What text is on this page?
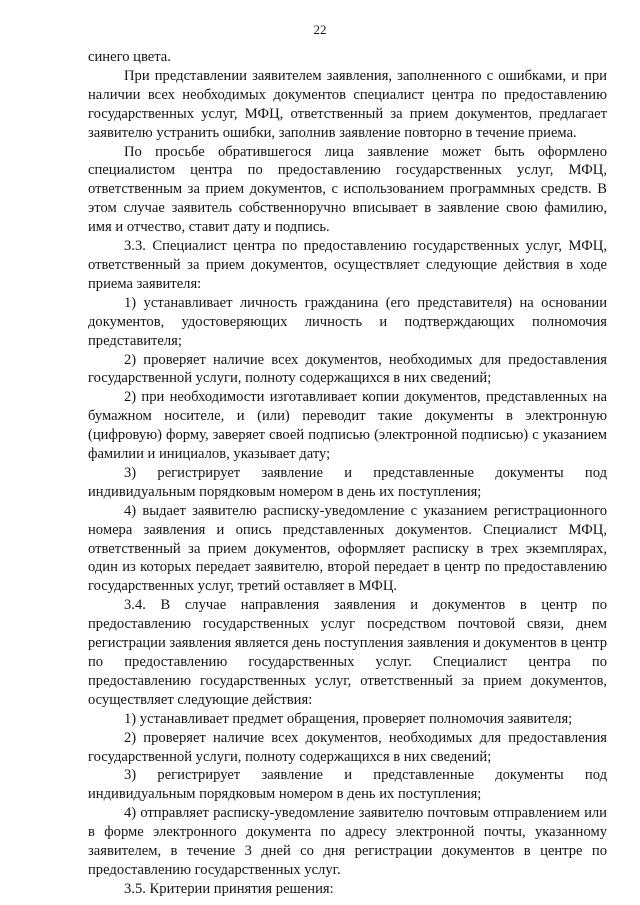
22

синего цвета.

При представлении заявителем заявления, заполненного с ошибками, и при наличии всех необходимых документов специалист центра по предоставлению государственных услуг, МФЦ, ответственный за прием документов, предлагает заявителю устранить ошибки, заполнив заявление повторно в течение приема.

По просьбе обратившегося лица заявление может быть оформлено специалистом центра по предоставлению государственных услуг, МФЦ, ответственным за прием документов, с использованием программных средств. В этом случае заявитель собственноручно вписывает в заявление свою фамилию, имя и отчество, ставит дату и подпись.

3.3. Специалист центра по предоставлению государственных услуг, МФЦ, ответственный за прием документов, осуществляет следующие действия в ходе приема заявителя:

1) устанавливает личность гражданина (его представителя) на основании документов, удостоверяющих личность и подтверждающих полномочия представителя;

2) проверяет наличие всех документов, необходимых для предоставления государственной услуги, полноту содержащихся в них сведений;

2) при необходимости изготавливает копии документов, представленных на бумажном носителе, и (или) переводит такие документы в электронную (цифровую) форму, заверяет своей подписью (электронной подписью) с указанием фамилии и инициалов, указывает дату;

3) регистрирует заявление и представленные документы под индивидуальным порядковым номером в день их поступления;

4) выдает заявителю расписку-уведомление с указанием регистрационного номера заявления и опись представленных документов. Специалист МФЦ, ответственный за прием документов, оформляет расписку в трех экземплярах, один из которых передает заявителю, второй передает в центр по предоставлению государственных услуг, третий оставляет в МФЦ.

3.4. В случае направления заявления и документов в центр по предоставлению государственных услуг посредством почтовой связи, днем регистрации заявления является день поступления заявления и документов в центр по предоставлению государственных услуг. Специалист центра по предоставлению государственных услуг, ответственный за прием документов, осуществляет следующие действия:

1) устанавливает предмет обращения, проверяет полномочия заявителя;

2) проверяет наличие всех документов, необходимых для предоставления государственной услуги, полноту содержащихся в них сведений;

3) регистрирует заявление и представленные документы под индивидуальным порядковым номером в день их поступления;

4) отправляет расписку-уведомление заявителю почтовым отправлением или в форме электронного документа по адресу электронной почты, указанному заявителем, в течение 3 дней со дня регистрации документов в центре по предоставлению государственных услуг.

3.5. Критерии принятия решения:
